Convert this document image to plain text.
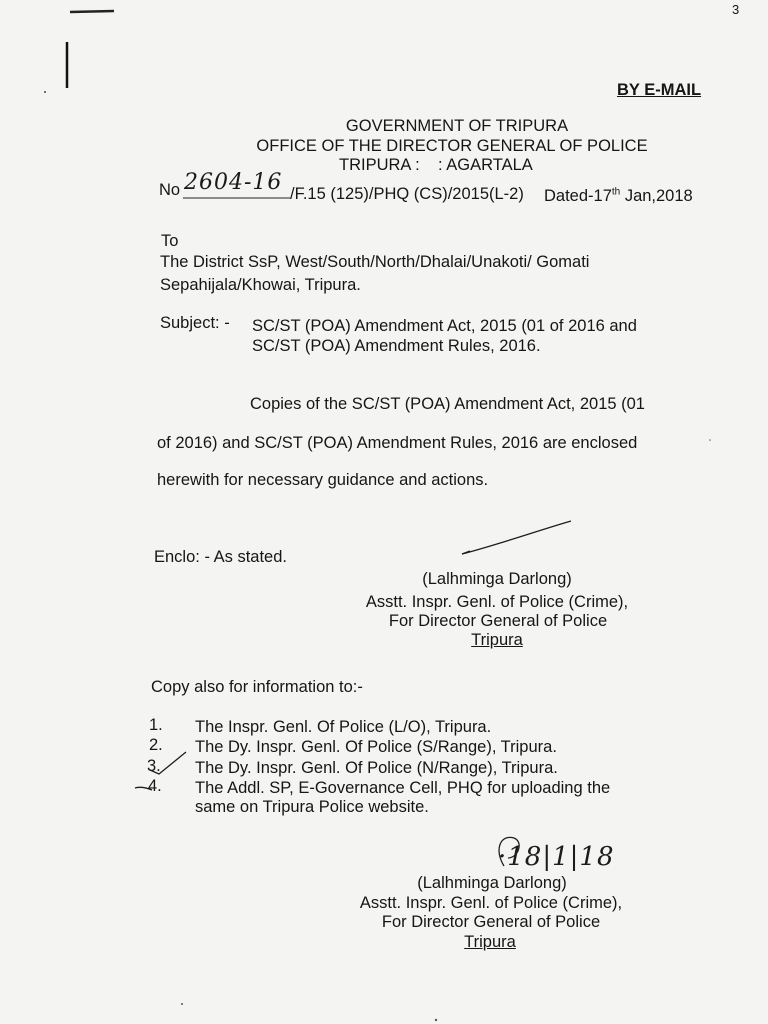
3
BY E-MAIL
GOVERNMENT OF TRIPURA
OFFICE OF THE DIRECTOR GENERAL OF POLICE
TRIPURA :    : AGARTALA
No 2604-16 /F.15 (125)/PHQ (CS)/2015(L-2) Dated-17th Jan,2018
To
The District SsP, West/South/North/Dhalai/Unakoti/ Gomati
Sepahijala/Khowai, Tripura.
Subject: - SC/ST (POA) Amendment Act, 2015 (01 of 2016 and
SC/ST (POA) Amendment Rules, 2016.
Copies of the SC/ST (POA) Amendment Act, 2015 (01
of 2016) and SC/ST (POA) Amendment Rules, 2016 are enclosed
herewith for necessary guidance and actions.
Enclo: - As stated.
(Lalhminga Darlong)
Asstt. Inspr. Genl. of Police (Crime),
For Director General of Police
Tripura
Copy also for information to:-
1. The Inspr. Genl. Of Police (L/O), Tripura.
2. The Dy. Inspr. Genl. Of Police (S/Range), Tripura.
3. The Dy. Inspr. Genl. Of Police (N/Range), Tripura.
4. The Addl. SP, E-Governance Cell, PHQ for uploading the
same on Tripura Police website.
·18|1|18
(Lalhminga Darlong)
Asstt. Inspr. Genl. of Police (Crime),
For Director General of Police
Tripura
